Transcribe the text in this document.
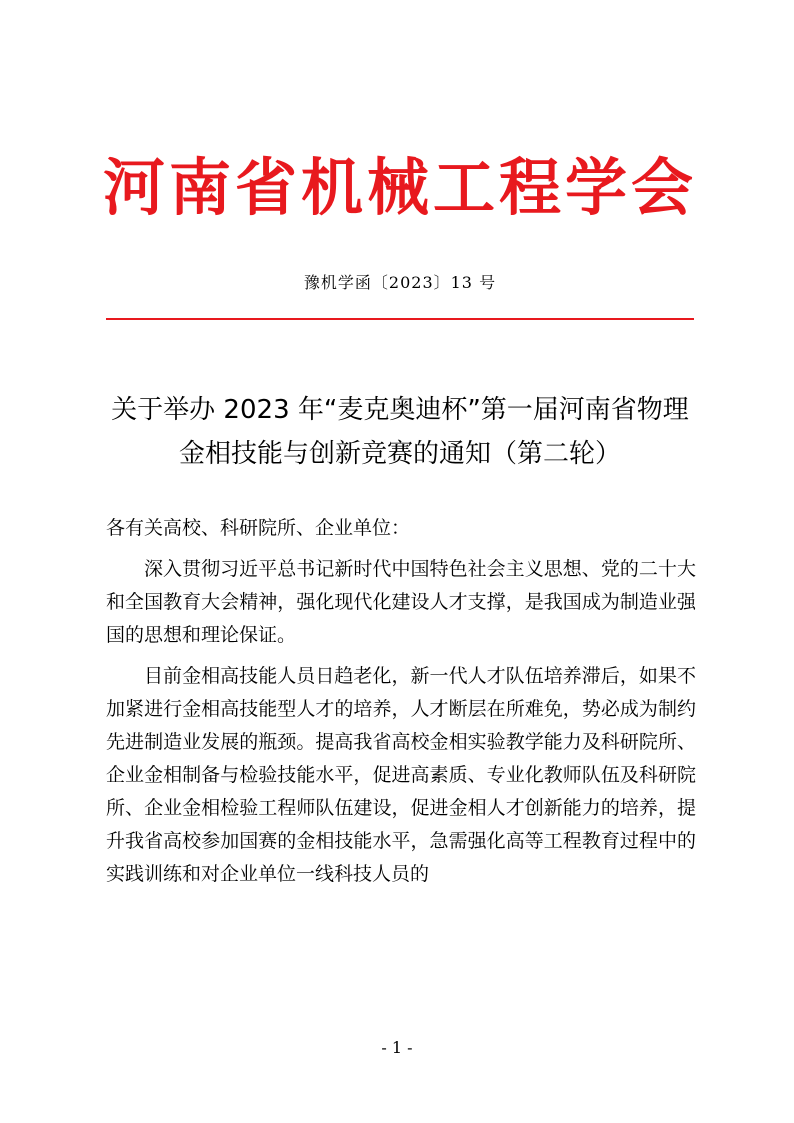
河南省机械工程学会
豫机学函〔2023〕13 号
关于举办 2023 年“麦克奥迪杯”第一届河南省物理
金相技能与创新竞赛的通知（第二轮）

各有关高校、科研院所、企业单位：

深入贯彻习近平总书记新时代中国特色社会主义思想、党的二十大和全国教育大会精神，强化现代化建设人才支撑，是我国成为制造业强国的思想和理论保证。

目前金相高技能人员日趋老化，新一代人才队伍培养滞后，如果不加紧进行金相高技能型人才的培养，人才断层在所难免，势必成为制约先进制造业发展的瓶颈。提高我省高校金相实验教学能力及科研院所、企业金相制备与检验技能水平，促进高素质、专业化教师队伍及科研院所、企业金相检验工程师队伍建设，促进金相人才创新能力的培养，提升我省高校参加国赛的金相技能水平，急需强化高等工程教育过程中的实践训练和对企业单位一线科技人员的

- 1 -
